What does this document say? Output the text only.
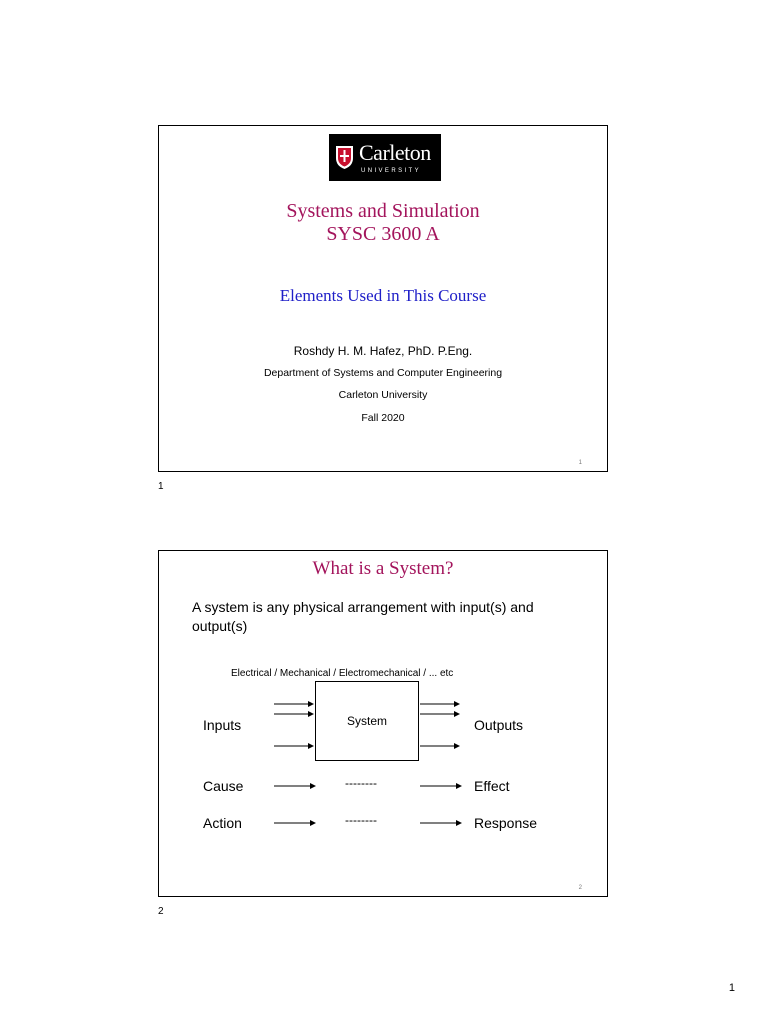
Carleton
UNIVERSITY
Systems and Simulation
SYSC 3600 A
Elements Used in This Course
Roshdy H. M. Hafez, PhD. P.Eng.
Department of Systems and Computer Engineering
Carleton University
Fall 2020
1
1
What is a System?
A system is any physical arrangement with input(s) and
output(s)
Electrical / Mechanical / Electromechanical / ... etc
Inputs	System	Outputs
Cause	--------	Effect
Action	--------	Response
2
2
1
